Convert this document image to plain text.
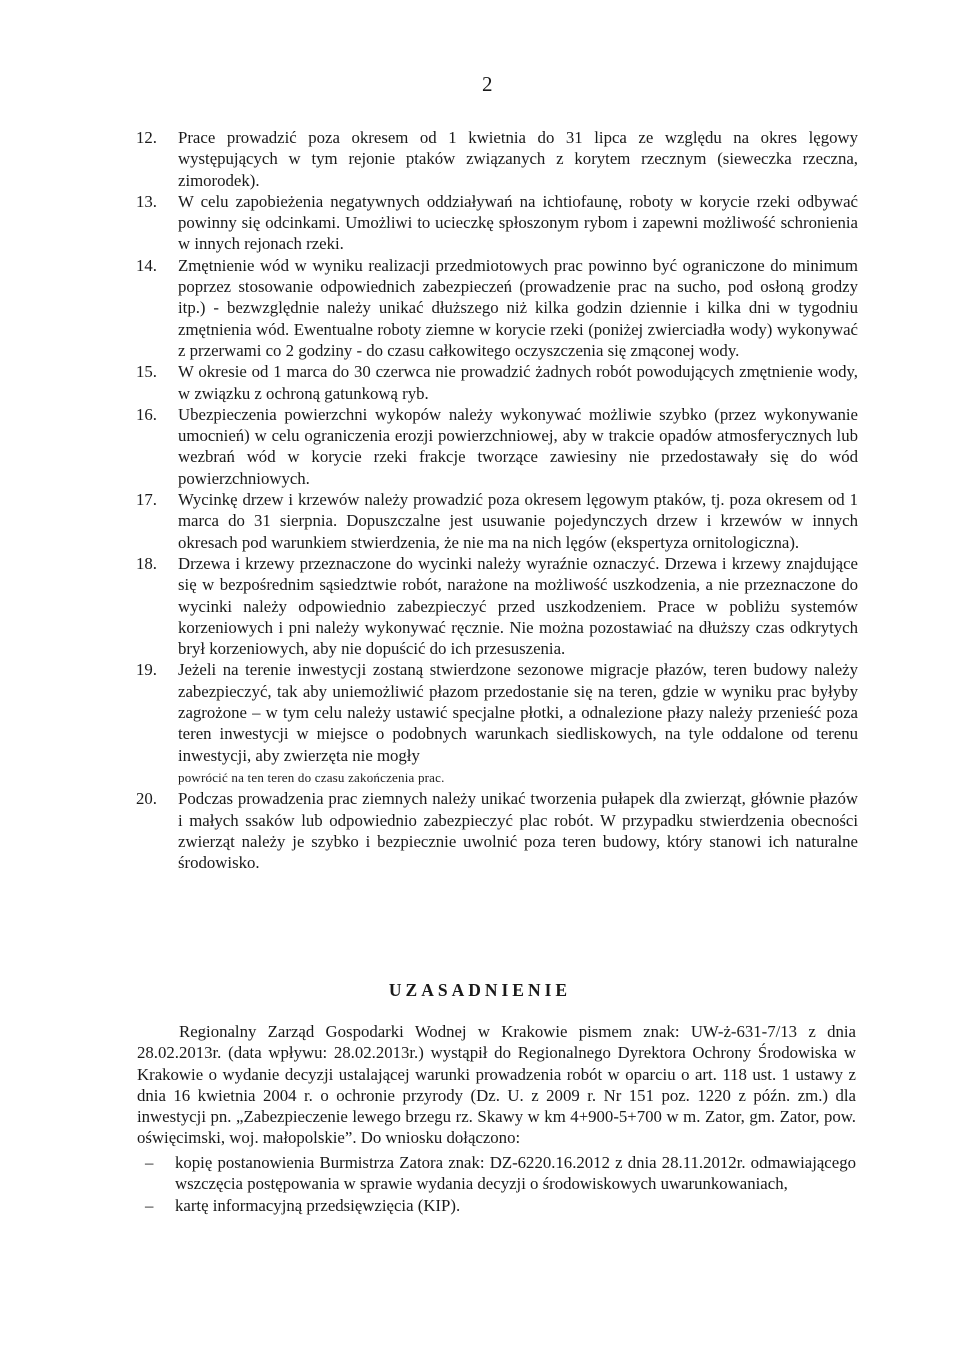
2
12. Prace prowadzić poza okresem od 1 kwietnia do 31 lipca ze względu na okres lęgowy występujących w tym rejonie ptaków związanych z korytem rzecznym (sieweczka rzeczna, zimorodek).
13. W celu zapobieżenia negatywnych oddziaływań na ichtiofaunę, roboty w korycie rzeki odbywać powinny się odcinkami. Umożliwi to ucieczkę spłoszonym rybom i zapewni możliwość schronienia w innych rejonach rzeki.
14. Zmętnienie wód w wyniku realizacji przedmiotowych prac powinno być ograniczone do minimum poprzez stosowanie odpowiednich zabezpieczeń (prowadzenie prac na sucho, pod osłoną grodzy itp.) - bezwzględnie należy unikać dłuższego niż kilka godzin dziennie i kilka dni w tygodniu zmętnienia wód. Ewentualne roboty ziemne w korycie rzeki (poniżej zwierciadła wody) wykonywać z przerwami co 2 godziny - do czasu całkowitego oczyszczenia się zmąconej wody.
15. W okresie od 1 marca do 30 czerwca nie prowadzić żadnych robót powodujących zmętnienie wody, w związku z ochroną gatunkową ryb.
16. Ubezpieczenia powierzchni wykopów należy wykonywać możliwie szybko (przez wykonywanie umocnień) w celu ograniczenia erozji powierzchniowej, aby w trakcie opadów atmosferycznych lub wezbrań wód w korycie rzeki frakcje tworzące zawiesiny nie przedostawały się do wód powierzchniowych.
17. Wycinkę drzew i krzewów należy prowadzić poza okresem lęgowym ptaków, tj. poza okresem od 1 marca do 31 sierpnia. Dopuszczalne jest usuwanie pojedynczych drzew i krzewów w innych okresach pod warunkiem stwierdzenia, że nie ma na nich lęgów (ekspertyza ornitologiczna).
18. Drzewa i krzewy przeznaczone do wycinki należy wyraźnie oznaczyć. Drzewa i krzewy znajdujące się w bezpośrednim sąsiedztwie robót, narażone na możliwość uszkodzenia, a nie przeznaczone do wycinki należy odpowiednio zabezpieczyć przed uszkodzeniem. Prace w pobliżu systemów korzeniowych i pni należy wykonywać ręcznie. Nie można pozostawiać na dłuższy czas odkrytych brył korzeniowych, aby nie dopuścić do ich przesuszenia.
19. Jeżeli na terenie inwestycji zostaną stwierdzone sezonowe migracje płazów, teren budowy należy zabezpieczyć, tak aby uniemożliwić płazom przedostanie się na teren, gdzie w wyniku prac byłyby zagrożone – w tym celu należy ustawić specjalne płotki, a odnalezione płazy należy przenieść poza teren inwestycji w miejsce o podobnych warunkach siedliskowych, na tyle oddalone od terenu inwestycji, aby zwierzęta nie mogły
powrócić na ten teren do czasu zakończenia prac.
20. Podczas prowadzenia prac ziemnych należy unikać tworzenia pułapek dla zwierząt, głównie płazów i małych ssaków lub odpowiednio zabezpieczyć plac robót. W przypadku stwierdzenia obecności zwierząt należy je szybko i bezpiecznie uwolnić poza teren budowy, który stanowi ich naturalne środowisko.
UZASADNIENIE

Regionalny Zarząd Gospodarki Wodnej w Krakowie pismem znak: UW-ż-631-7/13 z dnia 28.02.2013r. (data wpływu: 28.02.2013r.) wystąpił do Regionalnego Dyrektora Ochrony Środowiska w Krakowie o wydanie decyzji ustalającej warunki prowadzenia robót w oparciu o art. 118 ust. 1 ustawy z dnia 16 kwietnia 2004 r. o ochronie przyrody (Dz. U. z 2009 r. Nr 151 poz. 1220 z późn. zm.) dla inwestycji pn. „Zabezpieczenie lewego brzegu rz. Skawy w km 4+900-5+700 w m. Zator, gm. Zator, pow. oświęcimski, woj. małopolskie”. Do wniosku dołączono:

– kopię postanowienia Burmistrza Zatora znak: DZ-6220.16.2012 z dnia 28.11.2012r. odmawiającego wszczęcia postępowania w sprawie wydania decyzji o środowiskowych uwarunkowaniach,
– kartę informacyjną przedsięwzięcia (KIP).
